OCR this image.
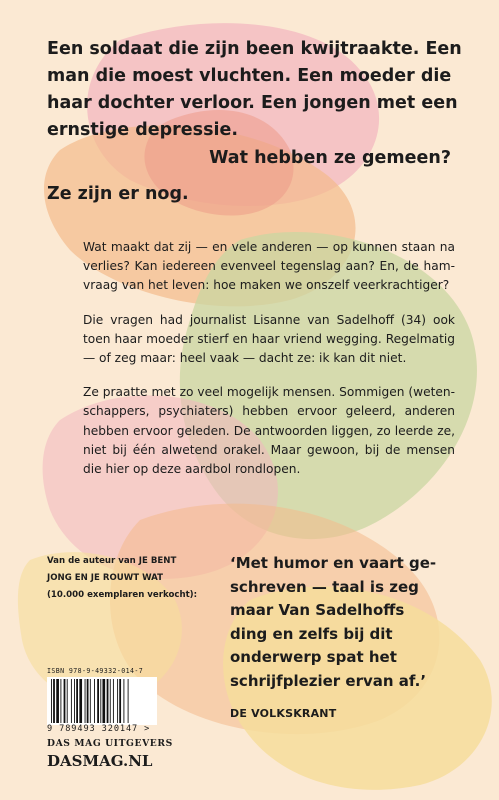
Een soldaat die zijn been kwijtraakte. Een
man die moest vluchten. Een moeder die
haar dochter verloor. Een jongen met een
ernstige depressie.

Wat hebben ze gemeen?

Ze zijn er nog.

Wat maakt dat zij — en vele anderen — op kunnen staan na verlies? Kan iedereen evenveel tegenslag aan? En, de hamvraag van het leven: hoe maken we onszelf veerkrachtiger?

Die vragen had journalist Lisanne van Sadelhoff (34) ook toen haar moeder stierf en haar vriend wegging. Regelmatig — of zeg maar: heel vaak — dacht ze: ik kan dit niet.

Ze praatte met zo veel mogelijk mensen. Sommigen (wetenschappers, psychiaters) hebben ervoor geleerd, anderen hebben ervoor geleden. De antwoorden liggen, zo leerde ze, niet bij één alwetend orakel. Maar gewoon, bij de mensen die hier op deze aardbol rondlopen.

Van de auteur van JE BENT
JONG EN JE ROUWT WAT
(10.000 exemplaren verkocht):
‘Met humor en vaart ge-
schreven — taal is zeg
maar Van Sadelhoffs
ding en zelfs bij dit
onderwerp spat het
schrijfplezier ervan af.’

DE VOLKSKRANT

ISBN 978-9-49332-014-7

9 789493 320147 >

DAS MAG UITGEVERS

DASMAG.NL
